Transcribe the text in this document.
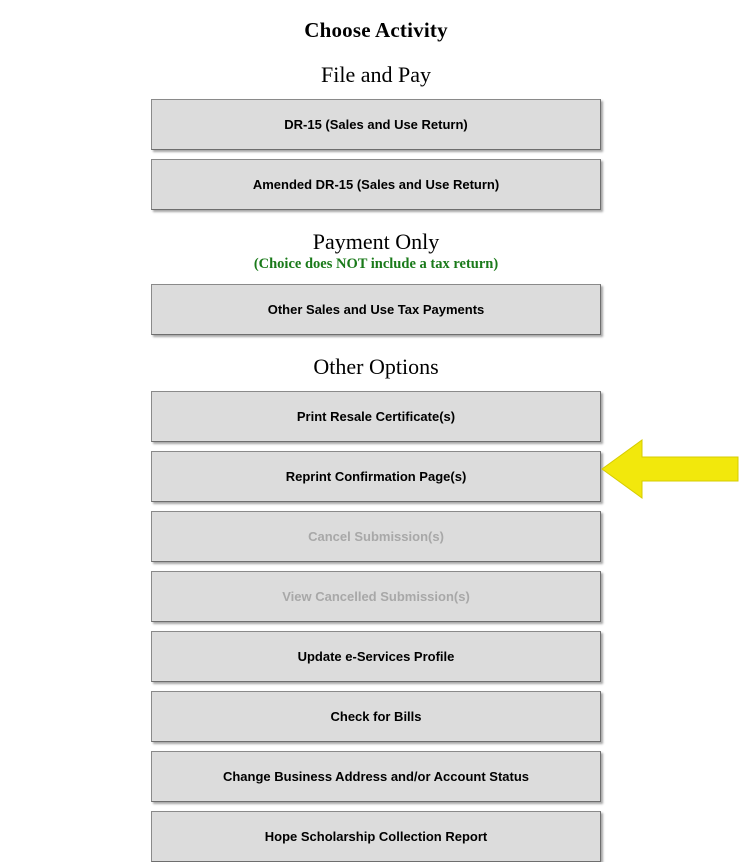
Choose Activity
File and Pay
DR-15 (Sales and Use Return)
Amended DR-15 (Sales and Use Return)
Payment Only
(Choice does NOT include a tax return)
Other Sales and Use Tax Payments
Other Options
Print Resale Certificate(s)
Reprint Confirmation Page(s)
Cancel Submission(s)
View Cancelled Submission(s)
Update e-Services Profile
Check for Bills
Change Business Address and/or Account Status
Hope Scholarship Collection Report
